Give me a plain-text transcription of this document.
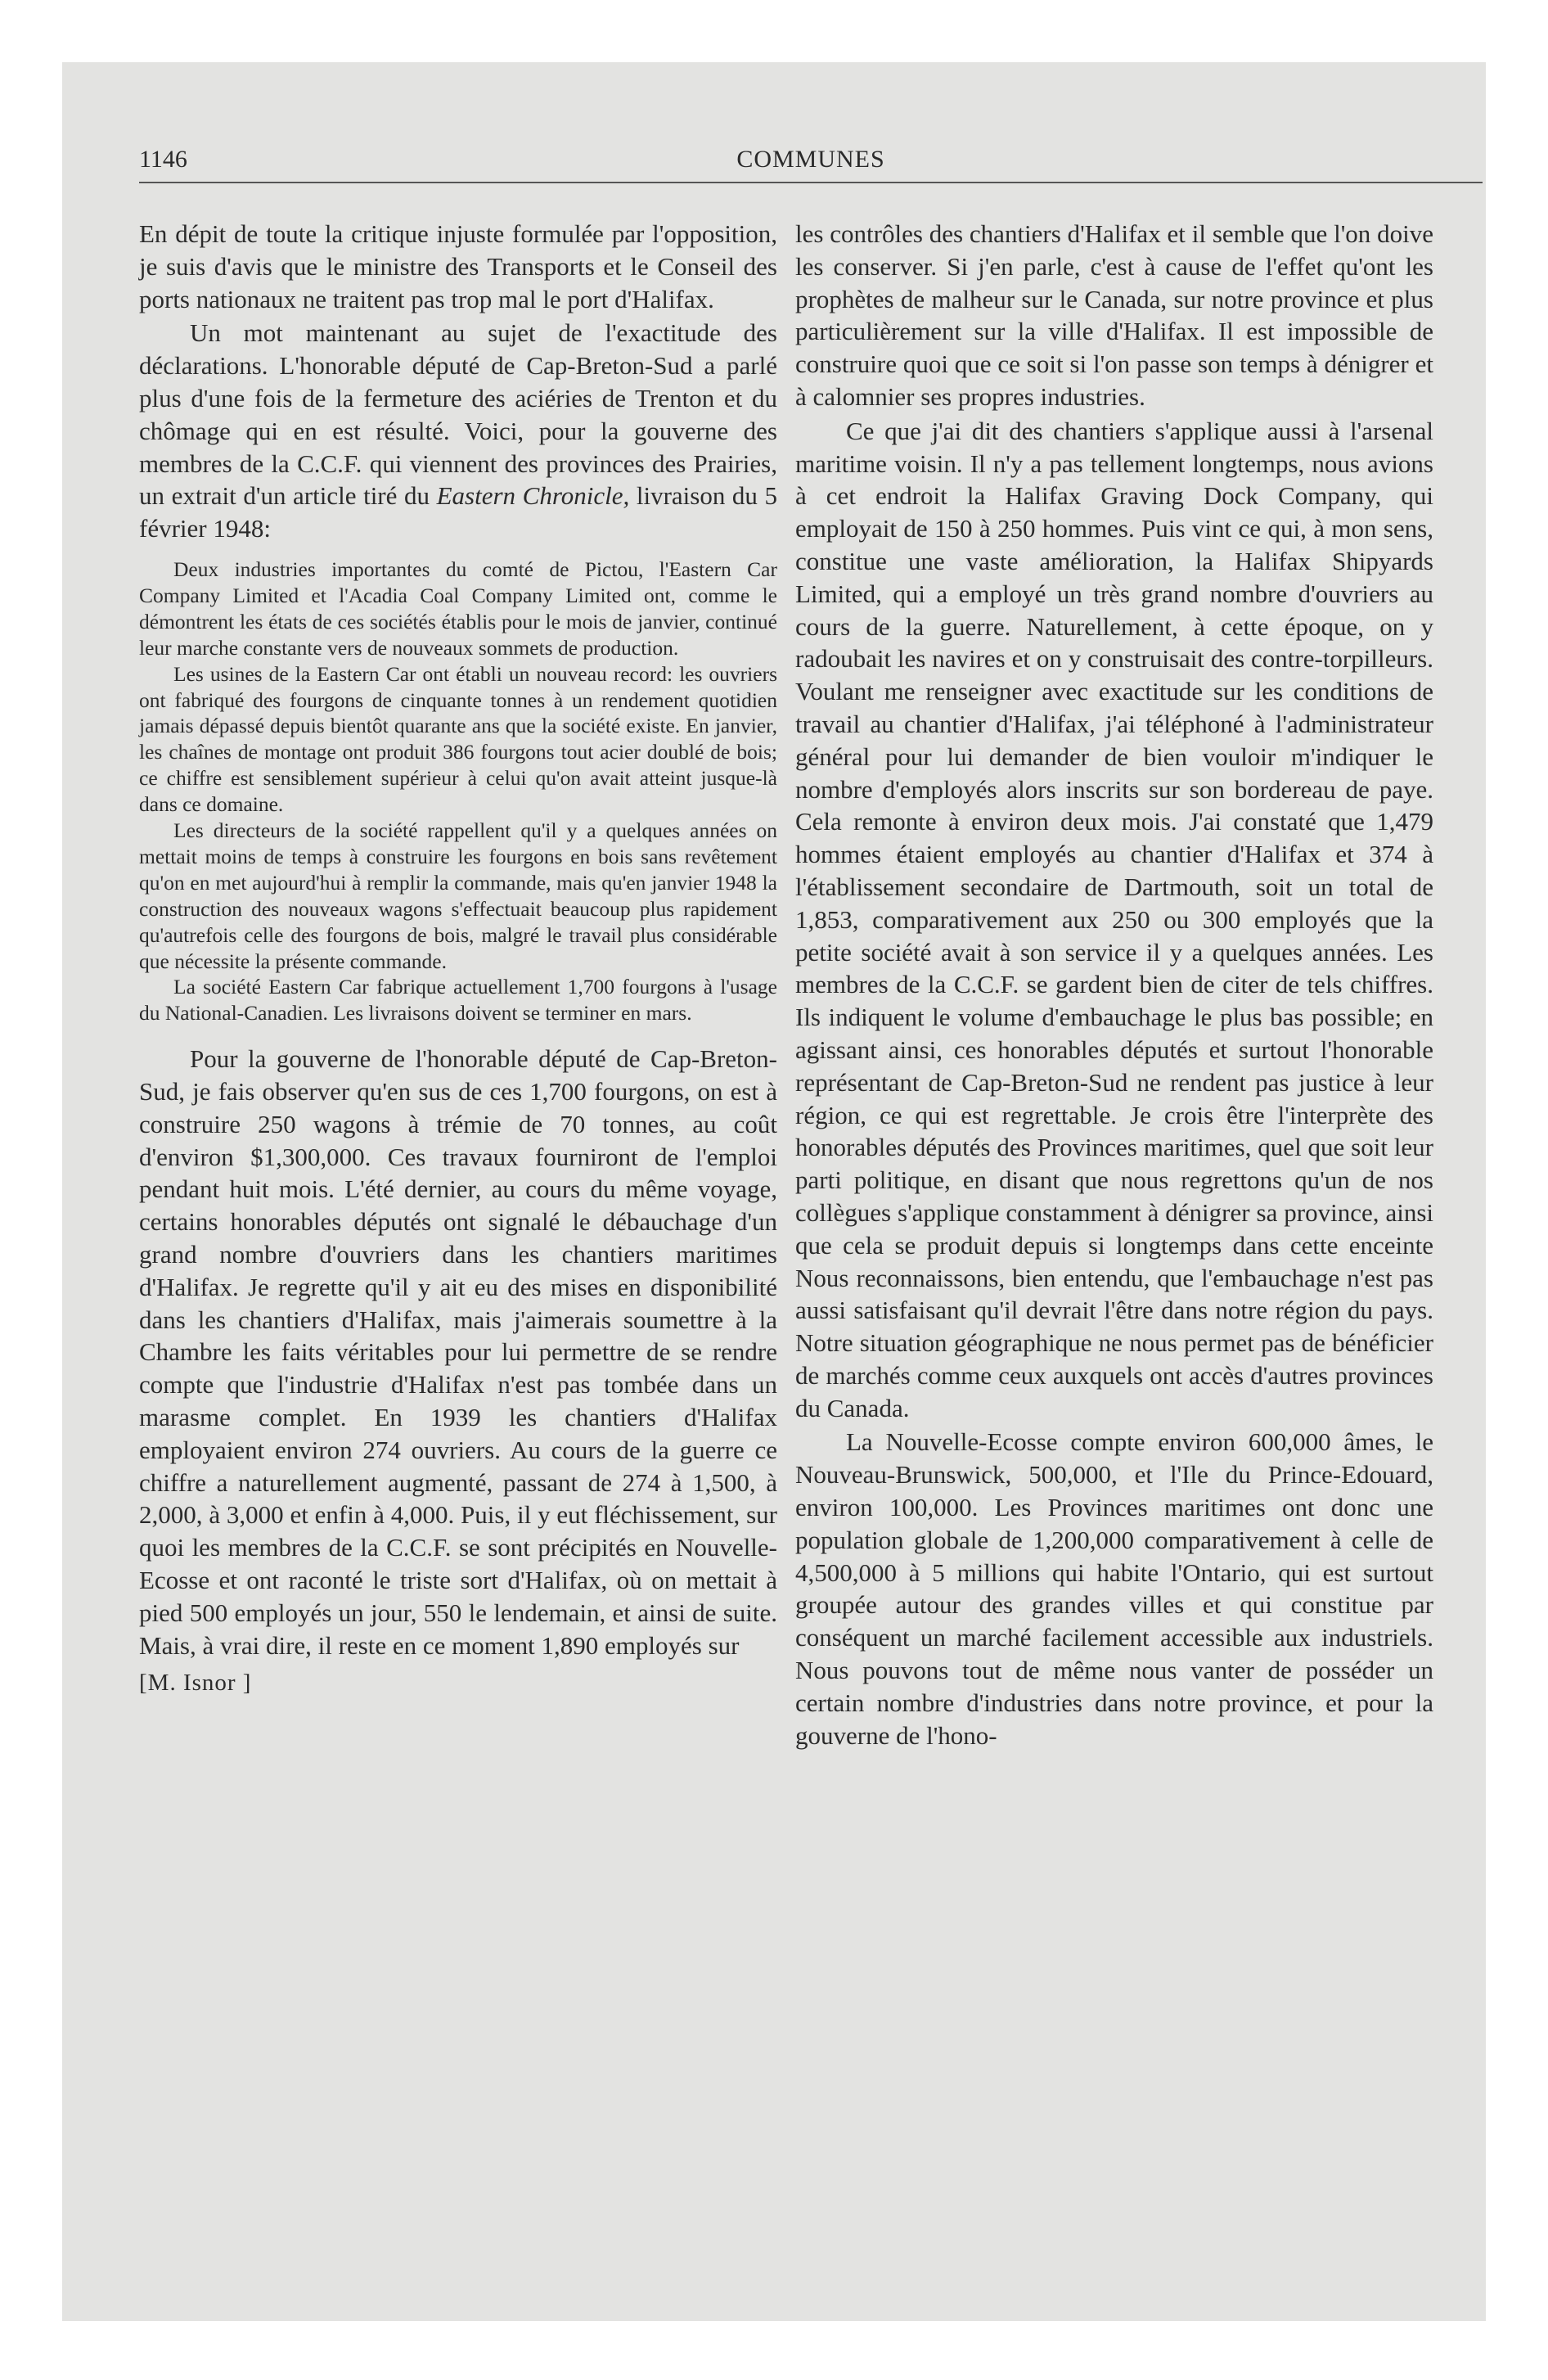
1146	COMMUNES

En dépit de toute la critique injuste formulée par l'opposition, je suis d'avis que le ministre des Transports et le Conseil des ports nationaux ne traitent pas trop mal le port d'Halifax.

Un mot maintenant au sujet de l'exactitude des déclarations. L'honorable député de Cap-Breton-Sud a parlé plus d'une fois de la fermeture des aciéries de Trenton et du chômage qui en est résulté. Voici, pour la gouverne des membres de la C.C.F. qui viennent des provinces des Prairies, un extrait d'un article tiré du Eastern Chronicle, livraison du 5 février 1948:

Deux industries importantes du comté de Pictou, l'Eastern Car Company Limited et l'Acadia Coal Company Limited ont, comme le démontrent les états de ces sociétés établis pour le mois de janvier, continué leur marche constante vers de nouveaux sommets de production.

Les usines de la Eastern Car ont établi un nouveau record: les ouvriers ont fabriqué des fourgons de cinquante tonnes à un rendement quotidien jamais dépassé depuis bientôt quarante ans que la société existe. En janvier, les chaînes de montage ont produit 386 fourgons tout acier doublé de bois; ce chiffre est sensiblement supérieur à celui qu'on avait atteint jusque-là dans ce domaine.

Les directeurs de la société rappellent qu'il y a quelques années on mettait moins de temps à construire les fourgons en bois sans revêtement qu'on en met aujourd'hui à remplir la commande, mais qu'en janvier 1948 la construction des nouveaux wagons s'effectuait beaucoup plus rapidement qu'autrefois celle des fourgons de bois, malgré le travail plus considérable que nécessite la présente commande.

La société Eastern Car fabrique actuellement 1,700 fourgons à l'usage du National-Canadien. Les livraisons doivent se terminer en mars.

Pour la gouverne de l'honorable député de Cap-Breton-Sud, je fais observer qu'en sus de ces 1,700 fourgons, on est à construire 250 wagons à trémie de 70 tonnes, au coût d'environ $1,300,000. Ces travaux fourniront de l'emploi pendant huit mois. L'été dernier, au cours du même voyage, certains honorables députés ont signalé le débauchage d'un grand nombre d'ouvriers dans les chantiers maritimes d'Halifax. Je regrette qu'il y ait eu des mises en disponibilité dans les chantiers d'Halifax, mais j'aimerais soumettre à la Chambre les faits véritables pour lui permettre de se rendre compte que l'industrie d'Halifax n'est pas tombée dans un marasme complet. En 1939 les chantiers d'Halifax employaient environ 274 ouvriers. Au cours de la guerre ce chiffre a naturellement augmenté, passant de 274 à 1,500, à 2,000, à 3,000 et enfin à 4,000. Puis, il y eut fléchissement, sur quoi les membres de la C.C.F. se sont précipités en Nouvelle-Ecosse et ont raconté le triste sort d'Halifax, où on mettait à pied 500 employés un jour, 550 le lendemain, et ainsi de suite. Mais, à vrai dire, il reste en ce moment 1,890 employés sur

[M. Isnor ]

les contrôles des chantiers d'Halifax et il semble que l'on doive les conserver. Si j'en parle, c'est à cause de l'effet qu'ont les prophètes de malheur sur le Canada, sur notre province et plus particulièrement sur la ville d'Halifax. Il est impossible de construire quoi que ce soit si l'on passe son temps à dénigrer et à calomnier ses propres industries.

Ce que j'ai dit des chantiers s'applique aussi à l'arsenal maritime voisin. Il n'y a pas tellement longtemps, nous avions à cet endroit la Halifax Graving Dock Company, qui employait de 150 à 250 hommes. Puis vint ce qui, à mon sens, constitue une vaste amélioration, la Halifax Shipyards Limited, qui a employé un très grand nombre d'ouvriers au cours de la guerre. Naturellement, à cette époque, on y radoubait les navires et on y construisait des contre-torpilleurs. Voulant me renseigner avec exactitude sur les conditions de travail au chantier d'Halifax, j'ai téléphoné à l'administrateur général pour lui demander de bien vouloir m'indiquer le nombre d'employés alors inscrits sur son bordereau de paye. Cela remonte à environ deux mois. J'ai constaté que 1,479 hommes étaient employés au chantier d'Halifax et 374 à l'établissement secondaire de Dartmouth, soit un total de 1,853, comparativement aux 250 ou 300 employés que la petite société avait à son service il y a quelques années. Les membres de la C.C.F. se gardent bien de citer de tels chiffres. Ils indiquent le volume d'embauchage le plus bas possible; en agissant ainsi, ces honorables députés et surtout l'honorable représentant de Cap-Breton-Sud ne rendent pas justice à leur région, ce qui est regrettable. Je crois être l'interprète des honorables députés des Provinces maritimes, quel que soit leur parti politique, en disant que nous regrettons qu'un de nos collègues s'applique constamment à dénigrer sa province, ainsi que cela se produit depuis si longtemps dans cette enceinte Nous reconnaissons, bien entendu, que l'embauchage n'est pas aussi satisfaisant qu'il devrait l'être dans notre région du pays. Notre situation géographique ne nous permet pas de bénéficier de marchés comme ceux auxquels ont accès d'autres provinces du Canada.

La Nouvelle-Ecosse compte environ 600,000 âmes, le Nouveau-Brunswick, 500,000, et l'Ile du Prince-Edouard, environ 100,000. Les Provinces maritimes ont donc une population globale de 1,200,000 comparativement à celle de 4,500,000 à 5 millions qui habite l'Ontario, qui est surtout groupée autour des grandes villes et qui constitue par conséquent un marché facilement accessible aux industriels. Nous pouvons tout de même nous vanter de posséder un certain nombre d'industries dans notre province, et pour la gouverne de l'hono-
